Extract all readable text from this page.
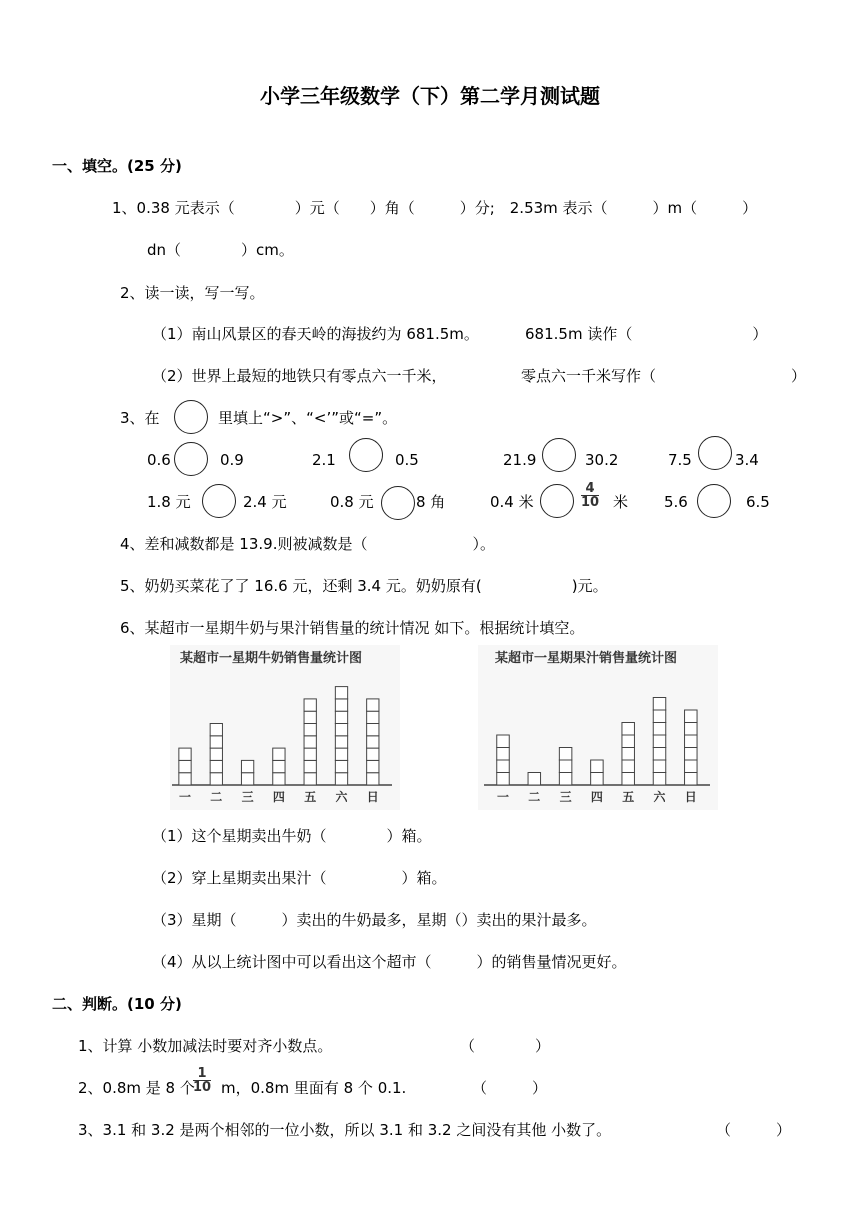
小学三年级数学（下）第二学月测试题
一、填空。(25 分)
1、0.38 元表示（　　　　）元（　　）角（　　　）分;　2.53m 表示（　　　）m（　　　）
dn（　　　　）cm。
2、读一读，写一写。
（1）南山风景区的春天岭的海拔约为 681.5m。	681.5m 读作（　　　　　　　　）
（2）世界上最短的地铁只有零点六一千米，	零点六一千米写作（　　　　　　　　　）
3、在	里填上“>”、“<’”或“=”。
0.6	0.9	2.1	0.5	21.9	30.2	7.5	3.4
1.8 元	2.4 元	0.8 元	8 角	0.4 米	$\frac{4}{10}$ 米 5.6	6.5
4、差和减数都是 13.9.则被减数是（　　　　　　　）。
5、奶奶买菜花了了 16.6 元，还剩 3.4 元。奶奶原有(　　　　　　)元。
6、某超市一星期牛奶与果汁销售量的统计情况 如下。根据统计填空。
某超市一星期牛奶销售量统计图
一 二 三 四 五 六 日
某超市一星期果汁销售量统计图
一 二 三 四 五 六 日
（1）这个星期卖出牛奶（　　　　）箱。
（2）穿上星期卖出果汁（　　　　　）箱。
（3）星期（　　　）卖出的牛奶最多，星期（）卖出的果汁最多。
（4）从以上统计图中可以看出这个超市（　　　）的销售量情况更好。
二、判断。(10 分)
1、计算 小数加减法时要对齐小数点。	（　　　　）
2、0.8m 是 8 个
$\frac{1}{10}$ m，0.8m 里面有 8 个 0.1.	（　　　）
3、3.1 和 3.2 是两个相邻的一位小数，所以 3.1 和 3.2 之间没有其他 小数了。	（　　　）
